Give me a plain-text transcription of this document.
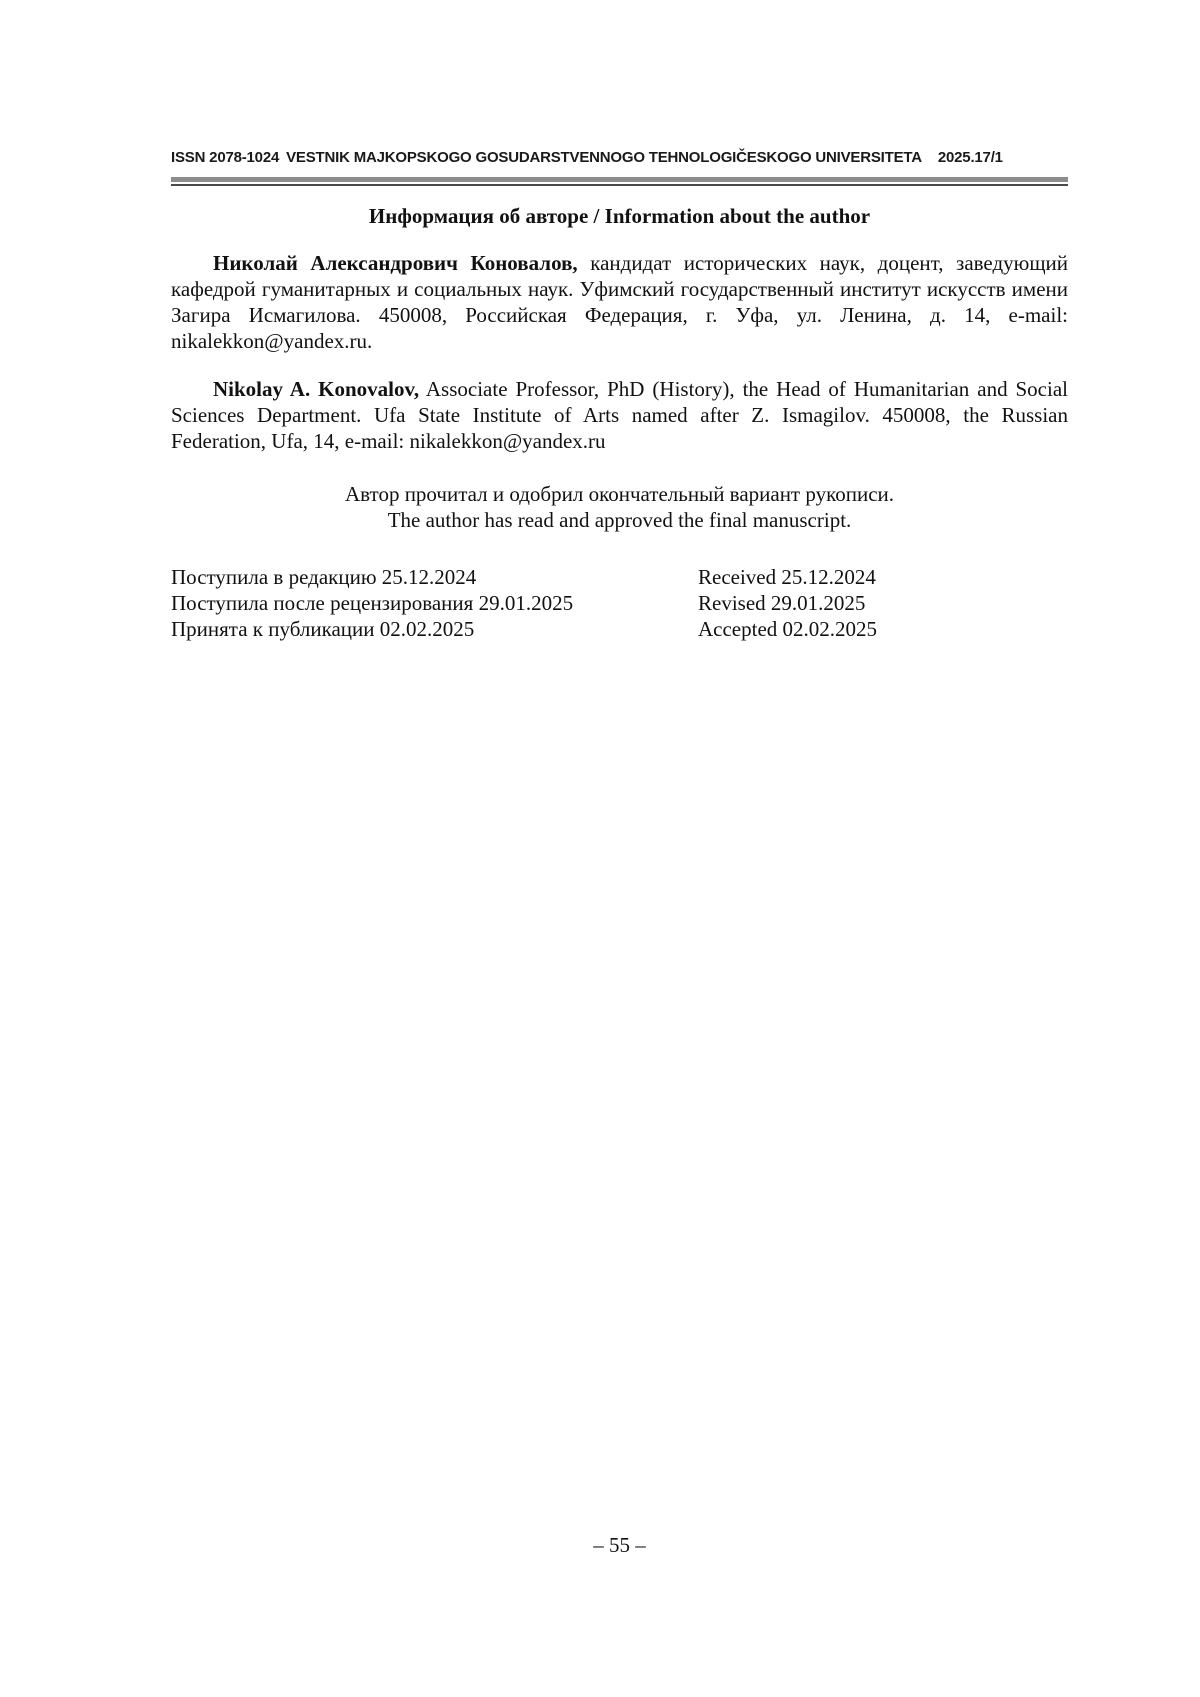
ISSN 2078-1024 VESTNIK MAJKOPSKOGO GOSUDARSTVENNOGO TEHNOLOGIČESKOGO UNIVERSITETA 2025.17/1
Информация об авторе / Information about the author

Николай Александрович Коновалов, кандидат исторических наук, доцент, заведующий кафедрой гуманитарных и социальных наук. Уфимский государственный институт искусств имени Загира Исмагилова. 450008, Российская Федерация, г. Уфа, ул. Ленина, д. 14, e-mail: nikalekkon@yandex.ru.

Nikolay A. Konovalov, Associate Professor, PhD (History), the Head of Humanitarian and Social Sciences Department. Ufa State Institute of Arts named after Z. Ismagilov. 450008, the Russian Federation, Ufa, 14, e-mail: nikalekkon@yandex.ru

Автор прочитал и одобрил окончательный вариант рукописи.
The author has read and approved the final manuscript.
Поступила в редакцию 25.12.2024
Поступила после рецензирования 29.01.2025
Принята к публикации 02.02.2025
Received 25.12.2024
Revised 29.01.2025
Accepted 02.02.2025
– 55 –
